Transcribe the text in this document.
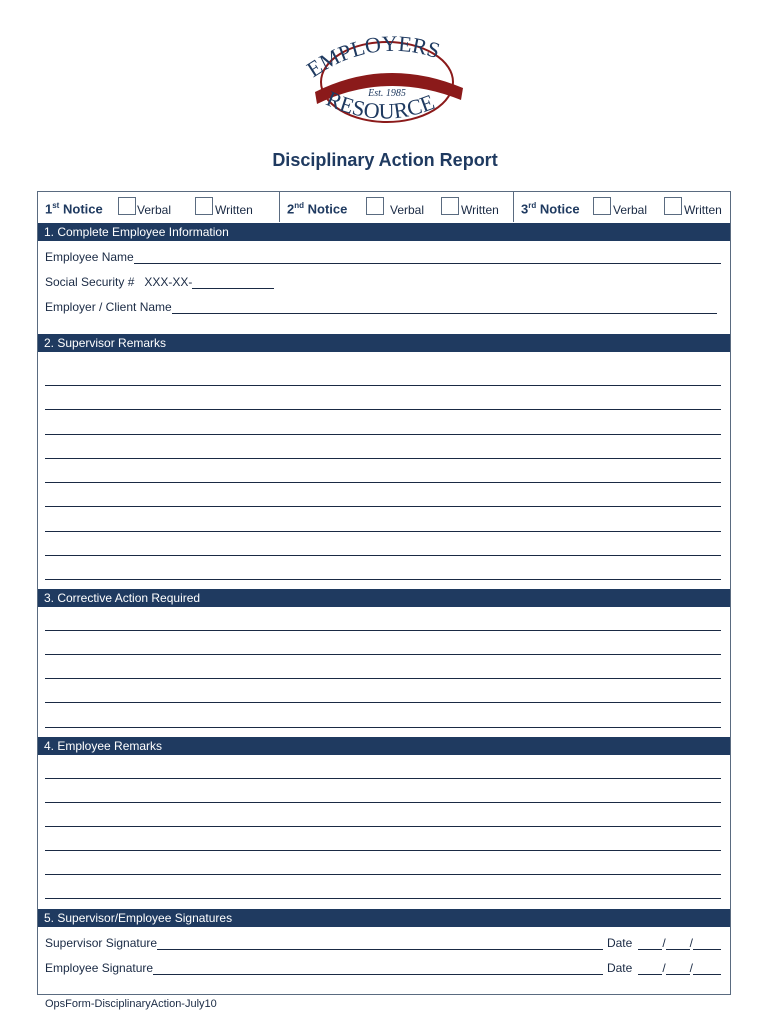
EMPLOYERS
YOUR TRUSTED GUARDIAN
Est. 1985
RESOURCE
Disciplinary Action Report
1st Notice	Verbal	Written	2nd Notice	Verbal	Written 3rd Notice	Verbal	Written
1. Complete Employee Information
Employee Name
Social Security # XXX-XX-
Employer / Client Name
2. Supervisor Remarks
3. Corrective Action Required
4. Employee Remarks
5. Supervisor/Employee Signatures
Supervisor Signature	Date	/ /
Employee Signature	Date	/ /
OpsForm-DisciplinaryAction-July10
